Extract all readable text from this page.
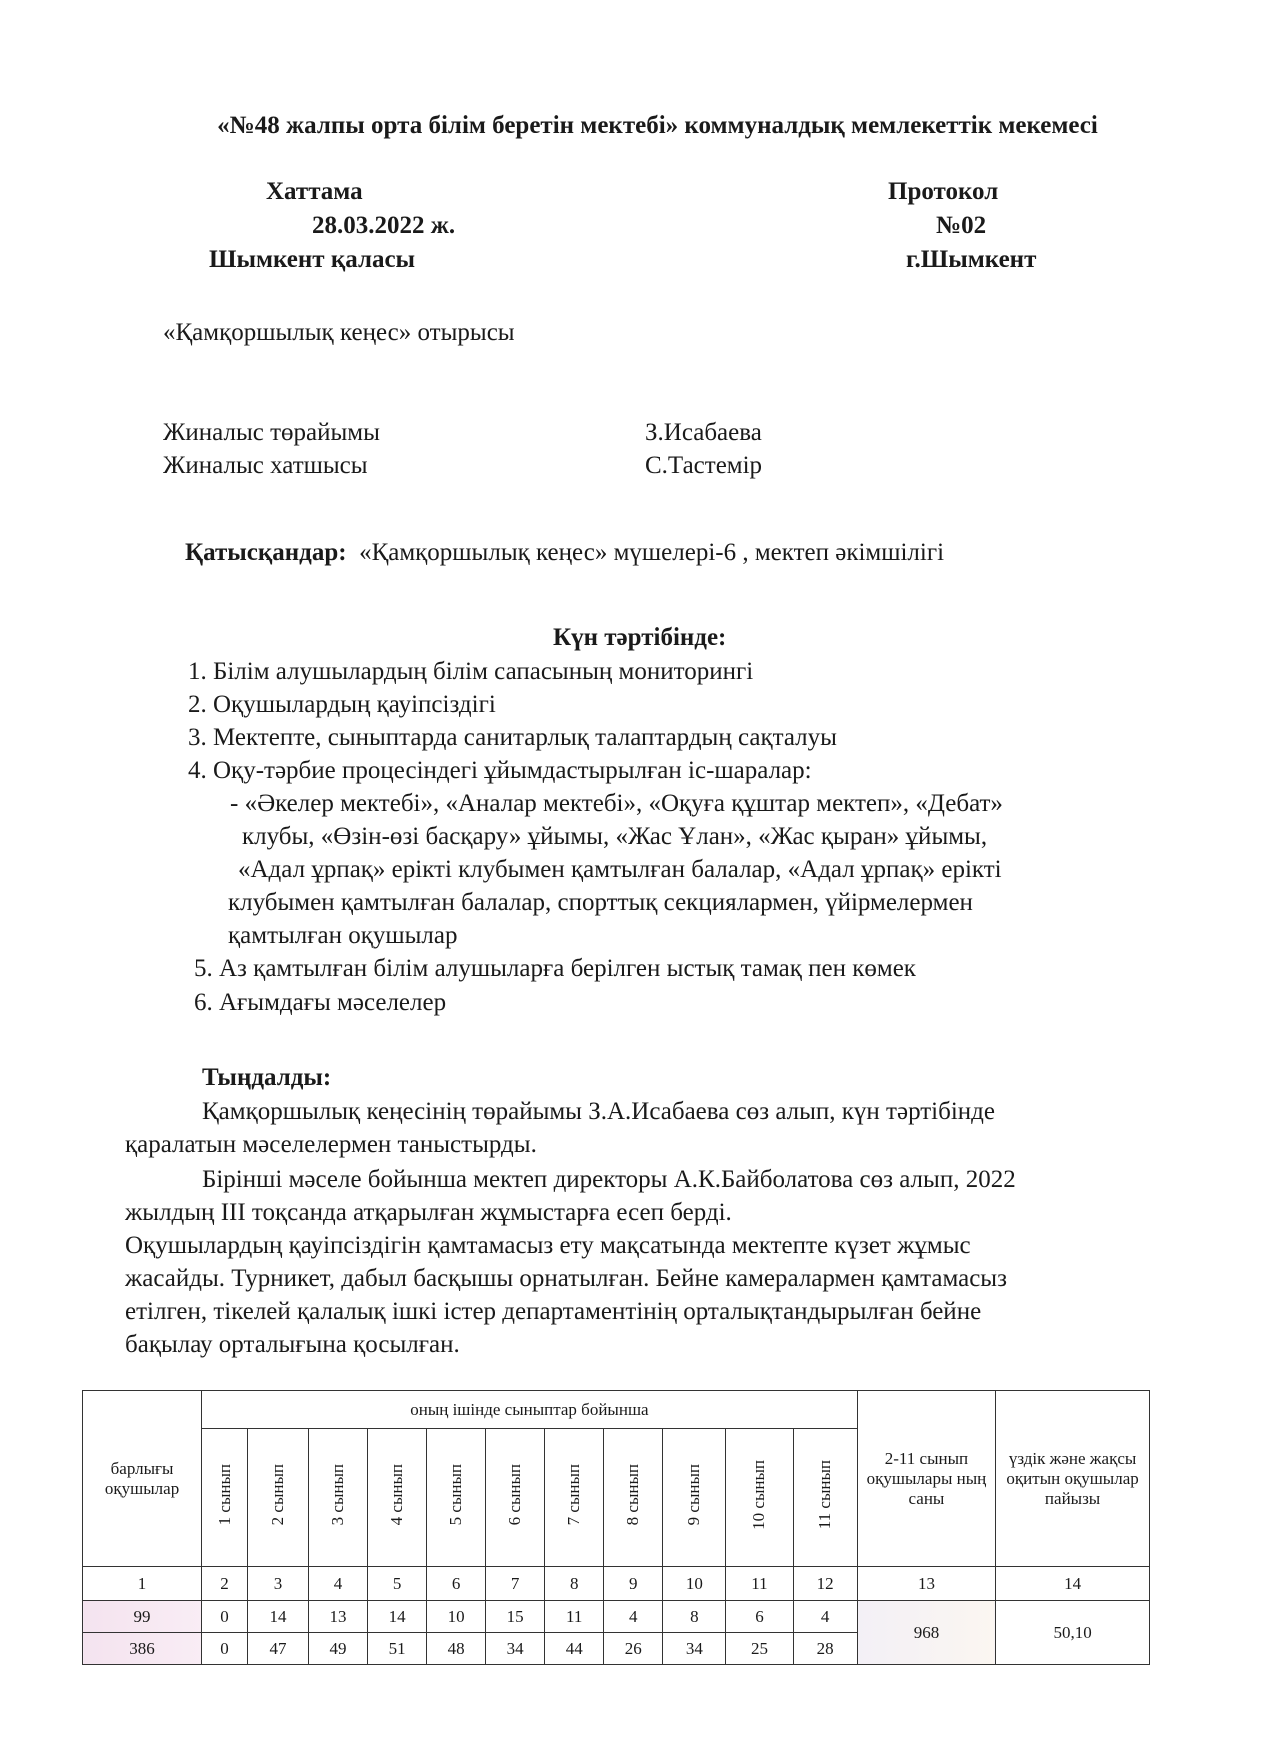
«№48 жалпы орта білім беретін мектебі» коммуналдық мемлекеттік мекемесі
Хаттама
28.03.2022 ж.
Шымкент қаласы
Протокол
№02
г.Шымкент
«Қамқоршылық кеңес» отырысы
Жиналыс төрайымы	З.Исабаева
Жиналыс хатшысы	С.Тастемір
Қатысқандар: «Қамқоршылық кеңес» мүшелері-6 , мектеп әкімшілігі
Күн тәртібінде:
1. Білім алушылардың білім сапасының мониторингі
2. Оқушылардың қауіпсіздігі
3. Мектепте, сыныптарда санитарлық талаптардың сақталуы
4. Оқу-тәрбие процесіндегі ұйымдастырылған іс-шаралар:
- «Әкелер мектебі», «Аналар мектебі», «Оқуға құштар мектеп», «Дебат»
клубы, «Өзін-өзі басқару» ұйымы, «Жас Ұлан», «Жас қыран» ұйымы,
«Адал ұрпақ» ерікті клубымен қамтылған балалар, «Адал ұрпақ» ерікті
клубымен қамтылған балалар, спорттық секциялармен, үйірмелермен
қамтылған оқушылар
5. Аз қамтылған білім алушыларға берілген ыстық тамақ пен көмек
6. Ағымдағы мәселелер
Тыңдалды:
Қамқоршылық кеңесінің төрайымы З.А.Исабаева сөз алып, күн тәртібінде
қаралатын мәселелермен таныстырды.
Бірінші мәселе бойынша мектеп директоры А.К.Байболатова сөз алып, 2022
жылдың ІІІ тоқсанда атқарылған жұмыстарға есеп берді.
Оқушылардың қауіпсіздігін қамтамасыз ету мақсатында мектепте күзет жұмыс
жасайды. Турникет, дабыл басқышы орнатылған. Бейне камералармен қамтамасыз
етілген, тікелей қалалық ішкі істер департаментінің орталықтандырылған бейне
бақылау орталығына қосылған.
барлығы оқушылар	оның ішінде сыныптар бойынша											2-11 сынып оқушылары ның саны	үздік және жақсы оқитын оқушылар пайызы
	1 сынып	2 сынып	3 сынып	4 сынып	5 сынып	6 сынып	7 сынып	8 сынып	9 сынып	10 сынып	11 сынып		
1	2	3	4	5	6	7	8	9	10	11	12	13	14
99	0	14	13	14	10	15	11	4	8	6	4	968	50,10
386	0	47	49	51	48	34	44	26	34	25	28		
